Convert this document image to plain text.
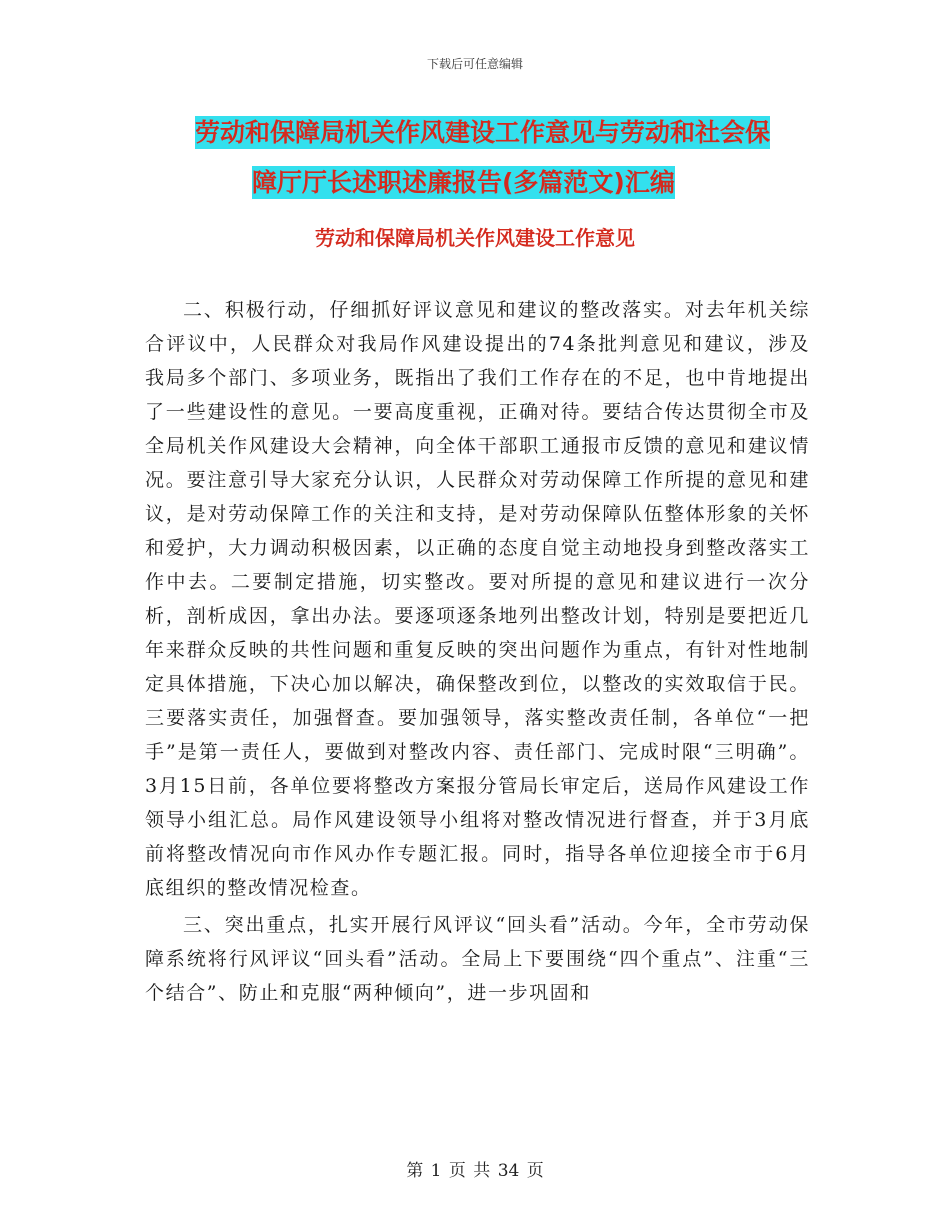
下载后可任意编辑
劳动和保障局机关作风建设工作意见与劳动和社会保
障厅厅长述职述廉报告(多篇范文)汇编
劳动和保障局机关作风建设工作意见

二、积极行动，仔细抓好评议意见和建议的整改落实。对去年机关综合评议中，人民群众对我局作风建设提出的74条批判意见和建议，涉及我局多个部门、多项业务，既指出了我们工作存在的不足，也中肯地提出了一些建设性的意见。一要高度重视，正确对待。要结合传达贯彻全市及全局机关作风建设大会精神，向全体干部职工通报市反馈的意见和建议情况。要注意引导大家充分认识，人民群众对劳动保障工作所提的意见和建议，是对劳动保障工作的关注和支持，是对劳动保障队伍整体形象的关怀和爱护，大力调动积极因素，以正确的态度自觉主动地投身到整改落实工作中去。二要制定措施，切实整改。要对所提的意见和建议进行一次分析，剖析成因，拿出办法。要逐项逐条地列出整改计划，特别是要把近几年来群众反映的共性问题和重复反映的突出问题作为重点，有针对性地制定具体措施，下决心加以解决，确保整改到位，以整改的实效取信于民。三要落实责任，加强督查。要加强领导，落实整改责任制，各单位“一把手”是第一责任人，要做到对整改内容、责任部门、完成时限“三明确”。3月15日前，各单位要将整改方案报分管局长审定后，送局作风建设工作领导小组汇总。局作风建设领导小组将对整改情况进行督查，并于3月底前将整改情况向市作风办作专题汇报。同时，指导各单位迎接全市于6月底组织的整改情况检查。

三、突出重点，扎实开展行风评议“回头看”活动。今年，全市劳动保障系统将行风评议“回头看”活动。全局上下要围绕“四个重点”、注重“三个结合”、防止和克服“两种倾向”，进一步巩固和

第 1 页 共 34 页
